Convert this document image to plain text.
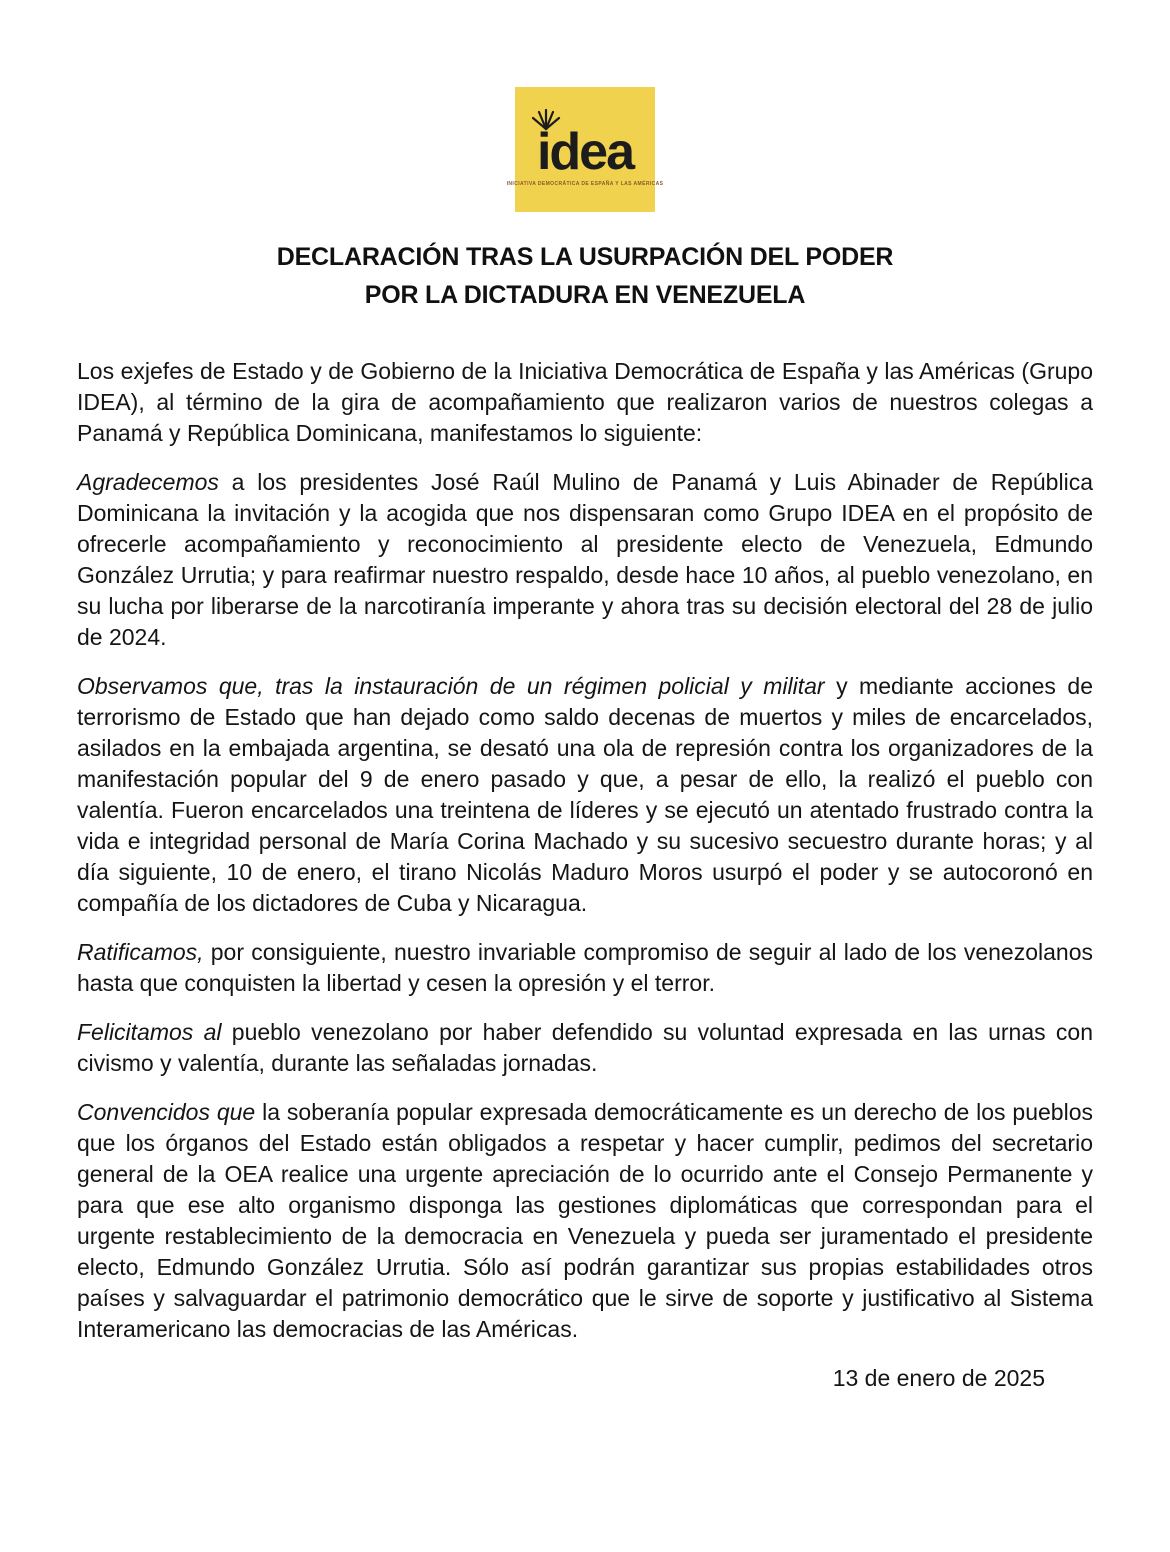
idea
INICIATIVA DEMOCRÁTICA DE ESPAÑA Y LAS AMÉRICAS
DECLARACIÓN TRAS LA USURPACIÓN DEL PODER
POR LA DICTADURA EN VENEZUELA

Los exjefes de Estado y de Gobierno de la Iniciativa Democrática de España y las Américas (Grupo IDEA), al término de la gira de acompañamiento que realizaron varios de nuestros colegas a Panamá y República Dominicana, manifestamos lo siguiente:

Agradecemos a los presidentes José Raúl Mulino de Panamá y Luis Abinader de República Dominicana la invitación y la acogida que nos dispensaran como Grupo IDEA en el propósito de ofrecerle acompañamiento y reconocimiento al presidente electo de Venezuela, Edmundo González Urrutia; y para reafirmar nuestro respaldo, desde hace 10 años, al pueblo venezolano, en su lucha por liberarse de la narcotiranía imperante y ahora tras su decisión electoral del 28 de julio de 2024.

Observamos que, tras la instauración de un régimen policial y militar y mediante acciones de terrorismo de Estado que han dejado como saldo decenas de muertos y miles de encarcelados, asilados en la embajada argentina, se desató una ola de represión contra los organizadores de la manifestación popular del 9 de enero pasado y que, a pesar de ello, la realizó el pueblo con valentía. Fueron encarcelados una treintena de líderes y se ejecutó un atentado frustrado contra la vida e integridad personal de María Corina Machado y su sucesivo secuestro durante horas; y al día siguiente, 10 de enero, el tirano Nicolás Maduro Moros usurpó el poder y se autocoronó en compañía de los dictadores de Cuba y Nicaragua.

Ratificamos, por consiguiente, nuestro invariable compromiso de seguir al lado de los venezolanos hasta que conquisten la libertad y cesen la opresión y el terror.

Felicitamos al pueblo venezolano por haber defendido su voluntad expresada en las urnas con civismo y valentía, durante las señaladas jornadas.

Convencidos que la soberanía popular expresada democráticamente es un derecho de los pueblos que los órganos del Estado están obligados a respetar y hacer cumplir, pedimos del secretario general de la OEA realice una urgente apreciación de lo ocurrido ante el Consejo Permanente y para que ese alto organismo disponga las gestiones diplomáticas que correspondan para el urgente restablecimiento de la democracia en Venezuela y pueda ser juramentado el presidente electo, Edmundo González Urrutia. Sólo así podrán garantizar sus propias estabilidades otros países y salvaguardar el patrimonio democrático que le sirve de soporte y justificativo al Sistema Interamericano las democracias de las Américas.

13 de enero de 2025
